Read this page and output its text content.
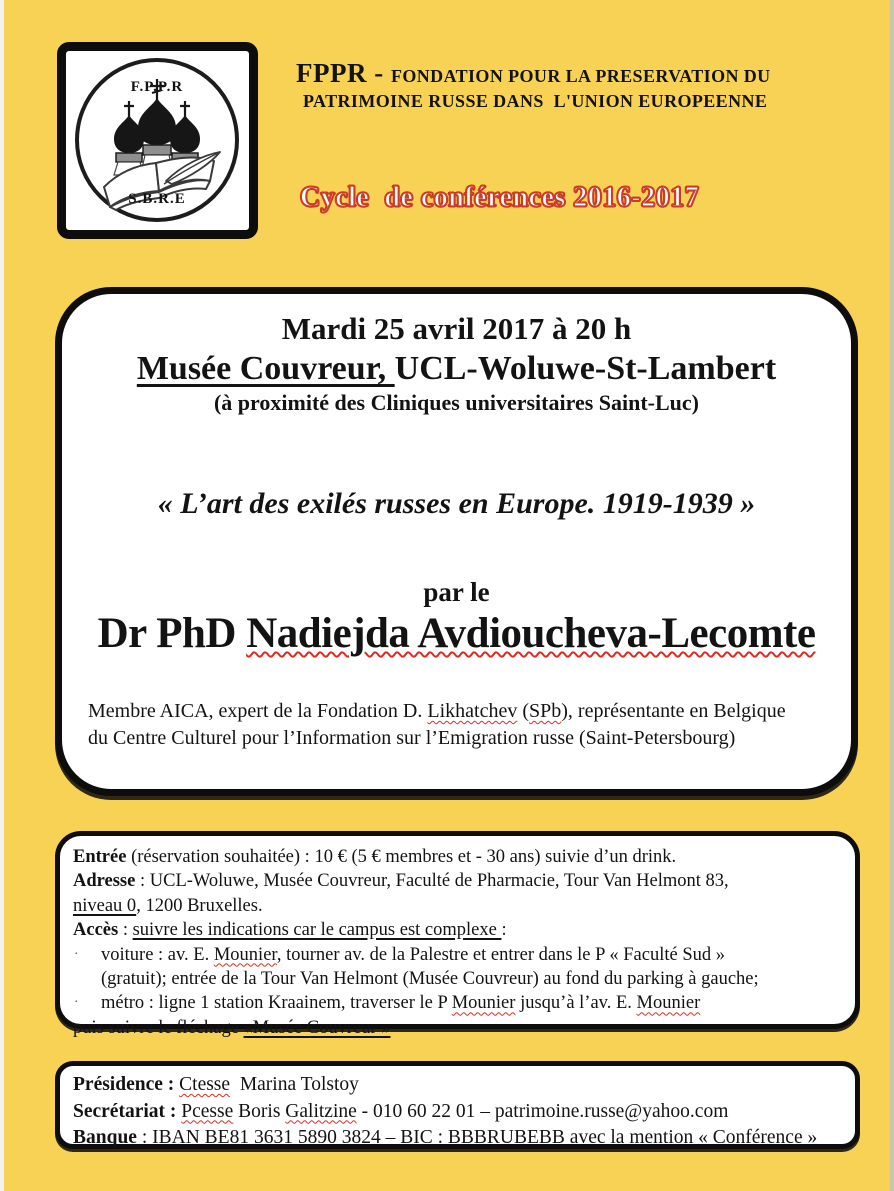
F.P.P.R
S.B.R.E
FPPR - FONDATION POUR LA PRESERVATION DU
PATRIMOINE RUSSE DANS  L'UNION EUROPEENNE
Cycle  de conférences 2016-2017
Mardi 25 avril 2017 à 20 h
Musée Couvreur, UCL-Woluwe-St-Lambert
(à proximité des Cliniques universitaires Saint-Luc)
« L’art des exilés russes en Europe. 1919-1939 »
par le
Dr PhD Nadiejda Avdioucheva-Lecomte
Membre AICA, expert de la Fondation D. Likhatchev (SPb), représentante en Belgique
du Centre Culturel pour l’Information sur l’Emigration russe (Saint-Petersbourg)
Entrée (réservation souhaitée) : 10 € (5 € membres et - 30 ans) suivie d’un drink.
Adresse : UCL-Woluwe, Musée Couvreur, Faculté de Pharmacie, Tour Van Helmont 83,
niveau 0, 1200 Bruxelles.
Accès : suivre les indications car le campus est complexe :
· voiture : av. E. Mounier, tourner av. de la Palestre et entrer dans le P « Faculté Sud »
(gratuit); entrée de la Tour Van Helmont (Musée Couvreur) au fond du parking à gauche;
· métro : ligne 1 station Kraainem, traverser le P Mounier jusqu’à l’av. E. Mounier
puis suivre le fléchage «Musée Couvreur »
Présidence : Ctesse  Marina Tolstoy
Secrétariat : Pcesse Boris Galitzine - 010 60 22 01 – patrimoine.russe@yahoo.com
Banque : IBAN BE81 3631 5890 3824 – BIC : BBBRUBEBB avec la mention « Conférence »
